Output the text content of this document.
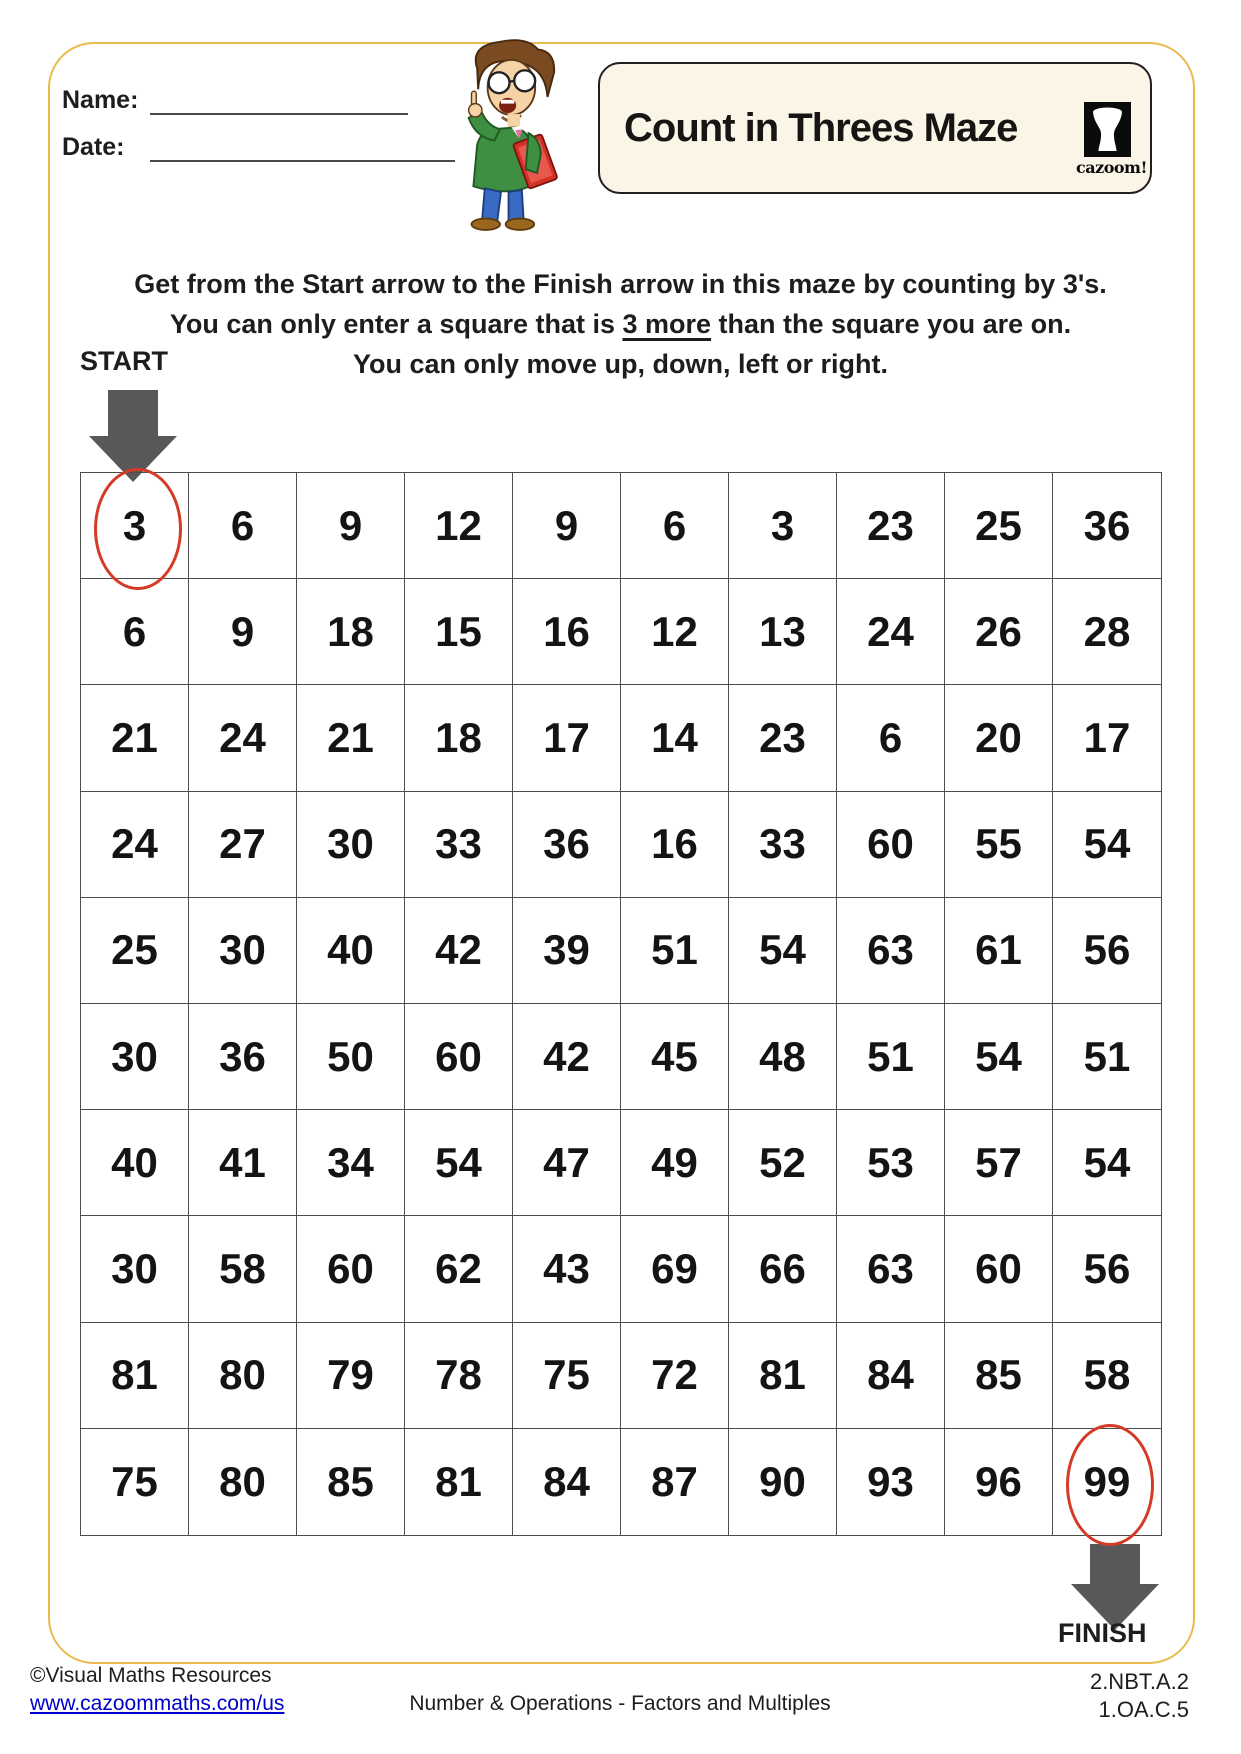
Name:
Date:	Count in Threes Maze
cazoom!
Get from the Start arrow to the Finish arrow in this maze by counting by 3's.
You can only enter a square that is 3 more than the square you are on.
You can only move up, down, left or right.
START
3 6 9 12 9 6 3 23 25 36
6 9 18 15 16 12 13 24 26 28
21 24 21 18 17 14 23 6 20 17
24 27 30 33 36 16 33 60 55 54
25 30 40 42 39 51 54 63 61 56
30 36 50 60 42 45 48 51 54 51
40 41 34 54 47 49 52 53 57 54
30 58 60 62 43 69 66 63 60 56
81 80 79 78 75 72 81 84 85 58
75 80 85 81 84 87 90 93 96 99
FINISH
©Visual Maths Resources
www.cazoommaths.com/us	Number & Operations - Factors and Multiples
2.NBT.A.2
1.OA.C.5
